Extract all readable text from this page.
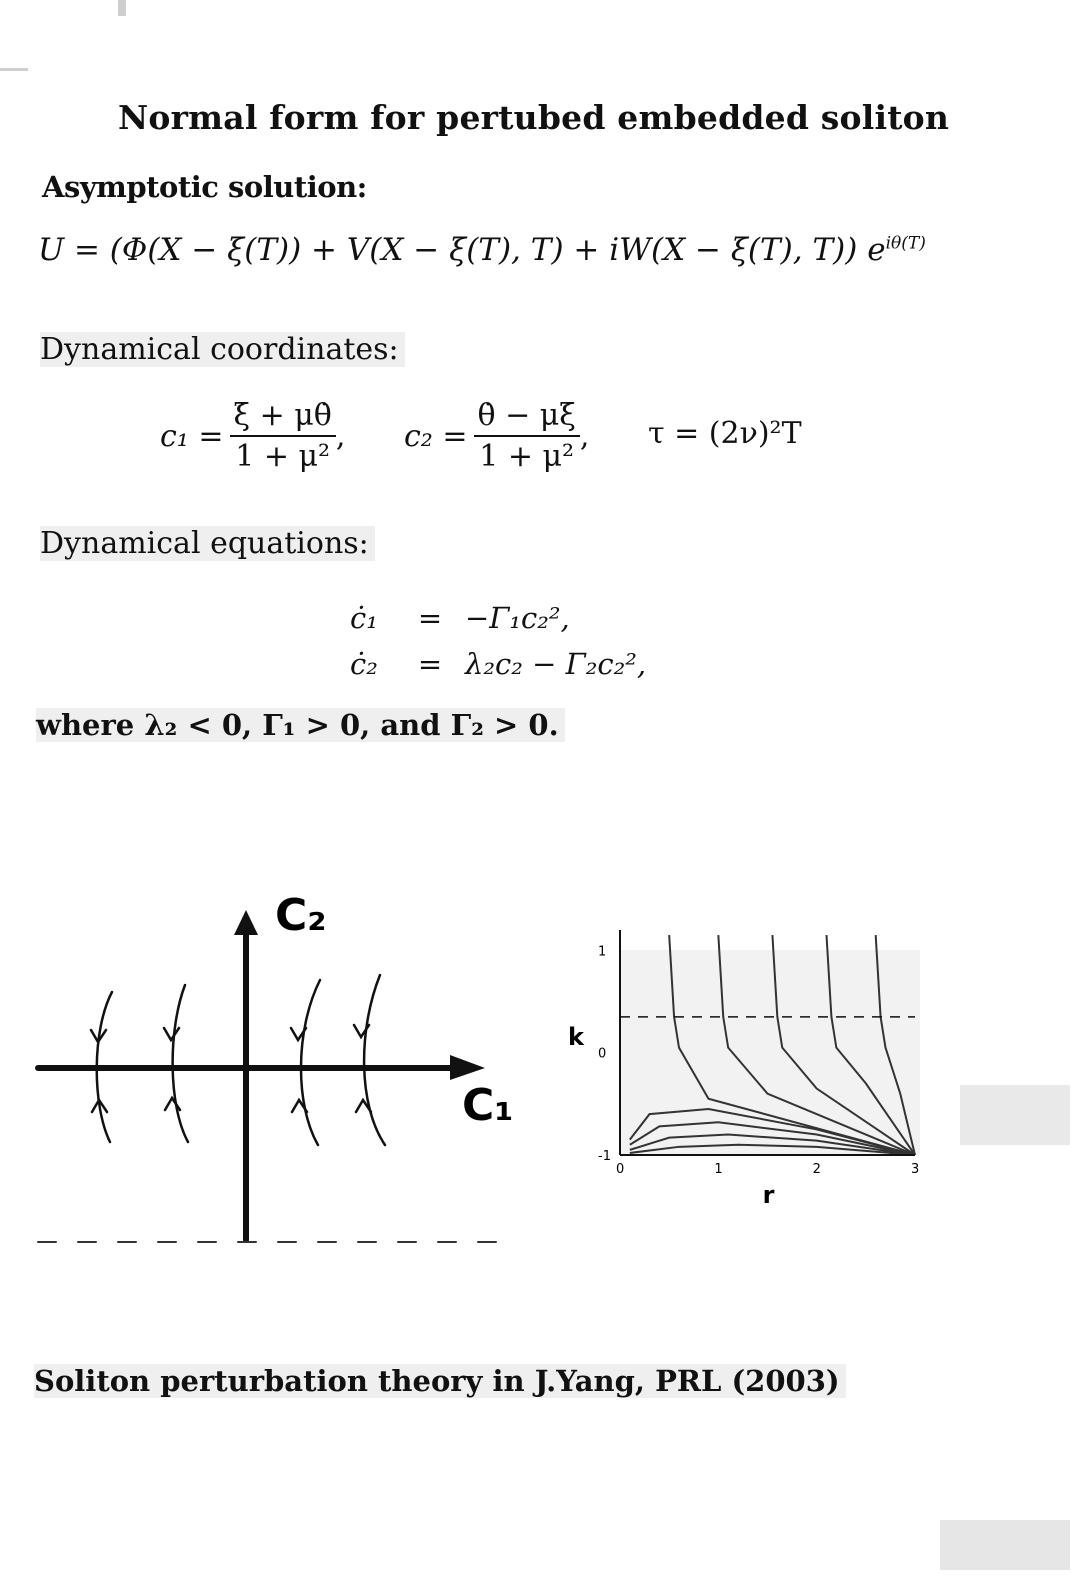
Normal form for pertubed embedded soliton
Asymptotic solution:
U = (Φ(X − ξ(T)) + V(X − ξ(T), T) + iW(X − ξ(T), T)) $e^{i\theta(T)}$
Dynamical coordinates:
$c_1 = \frac{\xi̇ + \mu\thetȧ}{\text{1 + μ²}}$ , $c_2 = \frac{\thetȧ - \mu\xi̇}{\text{1 + μ²}}$ , τ = (2ν)²T
Dynamical equations:
ċ₁	= −Γ₁c₂²,
ċ₂	= λ₂c₂ − Γ₂c₂²,
where λ₂ < 0, Γ₁ > 0, and Γ₂ > 0.
C₂
C₁
0	1	2	3
-1
0
1
k
r
Soliton perturbation theory in J.Yang, PRL (2003)
